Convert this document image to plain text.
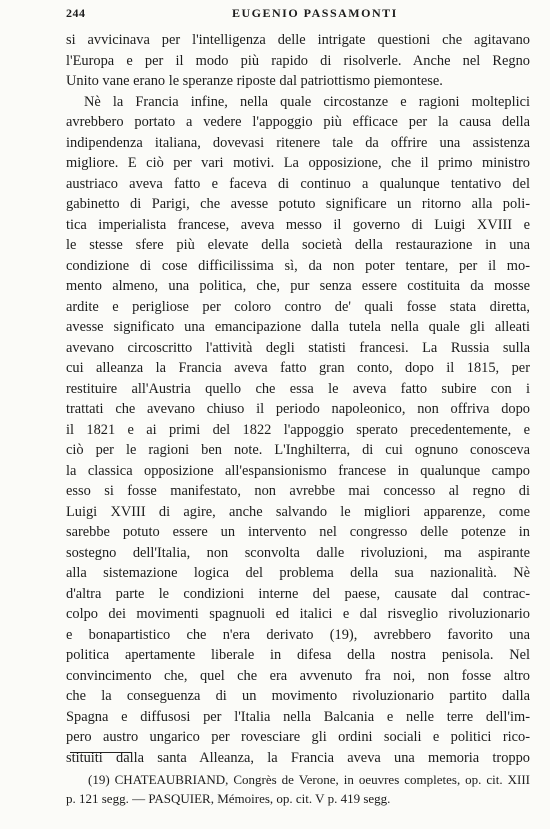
244	EUGENIO PASSAMONTI
si avvicinava per l'intelligenza delle intrigate questioni che agitavano
l'Europa e per il modo più rapido di risolverle. Anche nel Regno
Unito vane erano le speranze riposte dal patriottismo piemontese.
Nè la Francia infine, nella quale circostanze e ragioni molteplici
avrebbero portato a vedere l'appoggio più efficace per la causa della
indipendenza italiana, dovevasi ritenere tale da offrire una assistenza
migliore. E ciò per vari motivi. La opposizione, che il primo ministro
austriaco aveva fatto e faceva di continuo a qualunque tentativo del
gabinetto di Parigi, che avesse potuto significare un ritorno alla poli-
tica imperialista francese, aveva messo il governo di Luigi XVIII e
le stesse sfere più elevate della società della restaurazione in una
condizione di cose difficilissima sì, da non poter tentare, per il mo-
mento almeno, una politica, che, pur senza essere costituita da mosse
ardite e perigliose per coloro contro de' quali fosse stata diretta,
avesse significato una emancipazione dalla tutela nella quale gli alleati
avevano circoscritto l'attività degli statisti francesi. La Russia sulla
cui alleanza la Francia aveva fatto gran conto, dopo il 1815, per
restituire all'Austria quello che essa le aveva fatto subire con i
trattati che avevano chiuso il periodo napoleonico, non offriva dopo
il 1821 e ai primi del 1822 l'appoggio sperato precedentemente, e
ciò per le ragioni ben note. L'Inghilterra, di cui ognuno conosceva
la classica opposizione all'espansionismo francese in qualunque campo
esso si fosse manifestato, non avrebbe mai concesso al regno di
Luigi XVIII di agire, anche salvando le migliori apparenze, come
sarebbe potuto essere un intervento nel congresso delle potenze in
sostegno dell'Italia, non sconvolta dalle rivoluzioni, ma aspirante
alla sistemazione logica del problema della sua nazionalità. Nè
d'altra parte le condizioni interne del paese, causate dal contrac-
colpo dei movimenti spagnuoli ed italici e dal risveglio rivoluzionario
e bonapartistico che n'era derivato (19), avrebbero favorito una
politica apertamente liberale in difesa della nostra penisola. Nel
convincimento che, quel che era avvenuto fra noi, non fosse altro
che la conseguenza di un movimento rivoluzionario partito dalla
Spagna e diffusosi per l'Italia nella Balcania e nelle terre dell'im-
pero austro ungarico per rovesciare gli ordini sociali e politici rico-
stituiti dalla santa Alleanza, la Francia aveva una memoria troppo
(19) CHATEAUBRIAND, Congrès de Verone, in oeuvres completes, op. cit. XIII
p. 121 segg. — PASQUIER, Mémoires, op. cit. V p. 419 segg.
